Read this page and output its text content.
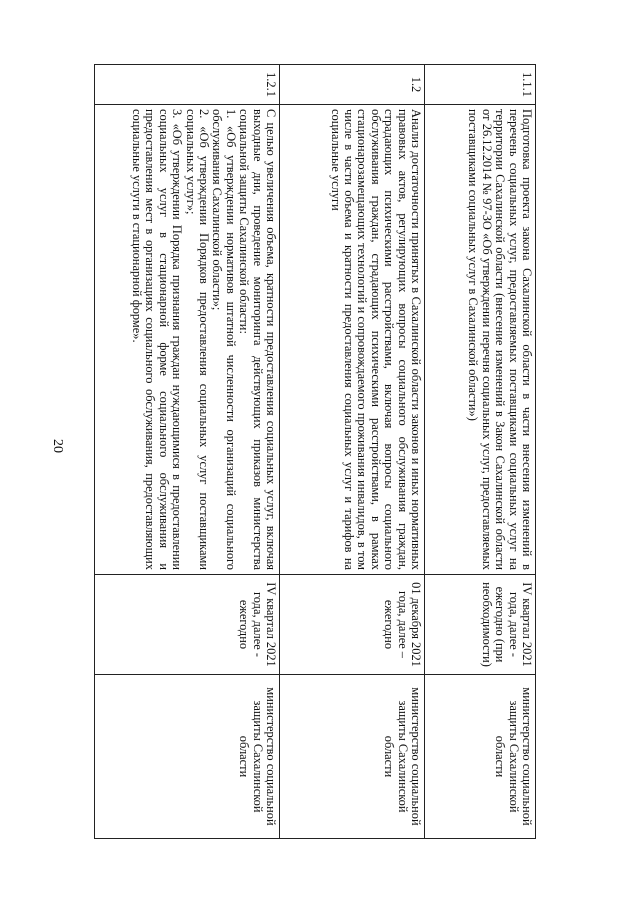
20
1.1.1	Подготовка проекта закона Сахалинской области в части внесения изменений в перечень социальных услуг, предоставляемых поставщиками социальных услуг на территории Сахалинской области (внесение изменений в Закон Сахалинской области от 26.12.2014 № 97-ЗО «Об утверждении перечня социальных услуг, предоставляемых поставщиками социальных услуг в Сахалинской области»)	IV квартал 2021 года, далее - ежегодно (при необходимости)	министерство социальной защиты Сахалинской области
1.2	Анализ достаточности принятых в Сахалинской области законов и иных нормативных правовых актов, регулирующих вопросы социального обслуживания граждан, страдающих психическими расстройствами, включая вопросы социального обслуживания граждан, страдающих психическими расстройствами, в рамках стационарозамещающих технологий и сопровождаемого проживания инвалидов, в том числе в части объема и кратности предоставления социальных услуг и тарифов на социальные услуги	01 декабря 2021 года, далее – ежегодно	министерство социальной защиты Сахалинской области
1.2.1	С целью увеличения объема, кратности предоставления социальных услуг, включая выходные дни, проведение мониторинга действующих приказов министерства социальной защиты Сахалинской области:
1. «Об утверждении нормативов штатной численности организаций социального обслуживания Сахалинской области»;
2. «Об утверждении Порядков предоставления социальных услуг поставщиками социальных услуг»;
3. «Об утверждении Порядка признания граждан нуждающимися в предоставлении социальных услуг в стационарной форме социального обслуживания и предоставления мест в организациях социального обслуживания, предоставляющих социальные услуги в стационарной форме».	IV квартал 2021 года, далее - ежегодно	министерство социальной защиты Сахалинской области
